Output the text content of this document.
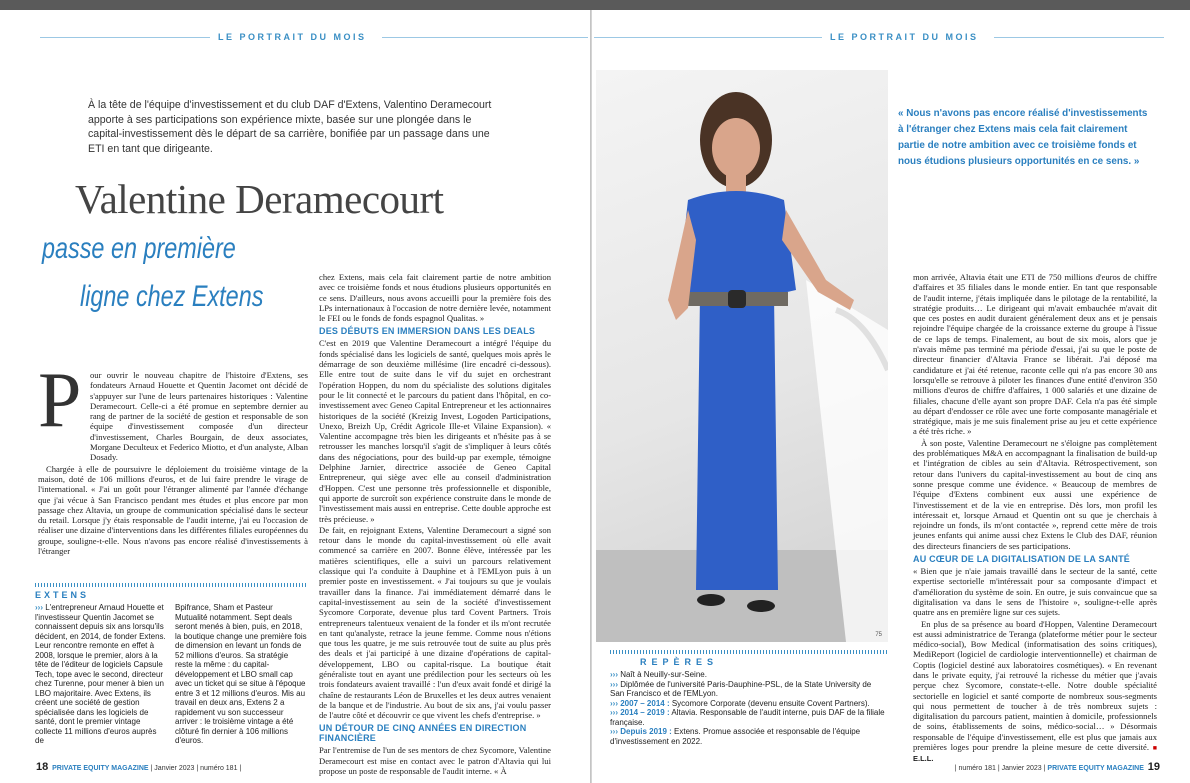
LE PORTRAIT DU MOIS
À la tête de l'équipe d'investissement et du club DAF d'Extens, Valentino Deramecourt apporte à ses participations son expérience mixte, basée sur une plongée dans le capital-investissement dès le départ de sa carrière, bonifiée par un passage dans une ETI en tant que dirigeante.
Valentine Deramecourt
passe en première
ligne chez Extens
P	our ouvrir le nouveau chapitre de l'histoire d'Extens, ses fondateurs Arnaud Houette et Quentin Jacomet ont décidé de s'appuyer sur l'une de leurs partenaires historiques : Valentine Deramecourt. Celle-ci a été promue en septembre dernier au rang de partner de la société de gestion et responsable de son équipe d'investissement composée d'un directeur d'investissement, Charles Bourgain, de deux associates, Morgane Deculteux et Federico Miotto, et d'un analyste, Alban Dosady.

Chargée à elle de poursuivre le déploiement du troisième vintage de la maison, doté de 106 millions d'euros, et de lui faire prendre le virage de l'international. « J'ai un goût pour l'étranger alimenté par l'année d'échange que j'ai vécue à San Francisco pendant mes études et plus encore par mon passage chez Altavia, un groupe de communication spécialisé dans le secteur du retail. Lorsque j'y étais responsable de l'audit interne, j'ai eu l'occasion de réaliser une dizaine d'interventions dans les différentes filiales européennes du groupe, souligne-t-elle. Nous n'avons pas encore réalisé d'investissements à l'étranger

chez Extens, mais cela fait clairement partie de notre ambition avec ce troisième fonds et nous étudions plusieurs opportunités en ce sens. D'ailleurs, nous avons accueilli pour la première fois des LPs internationaux à l'occasion de notre dernière levée, notamment le FEI ou le fonds de fonds espagnol Qualitas. »

DES DÉBUTS EN IMMERSION DANS LES DEALS

C'est en 2019 que Valentine Deramecourt a intégré l'équipe du fonds spécialisé dans les logiciels de santé, quelques mois après le démarrage de son deuxième millésime (lire encadré ci-dessous). Elle entre tout de suite dans le vif du sujet en orchestrant l'opération Hoppen, du nom du spécialiste des solutions digitales pour le lit connecté et le parcours du patient dans l'hôpital, en co-investissement avec Geneo Capital Entrepreneur et les actionnaires historiques de la société (Kreizig Invest, Logoden Participations, Unexo, Breizh Up, Crédit Agricole Ille-et Vilaine Expansion). « Valentine accompagne très bien les dirigeants et n'hésite pas à se retrousser les manches lorsqu'il s'agit de s'impliquer à leurs côtés dans des négociations, pour des build-up par exemple, témoigne Delphine Jarnier, directrice associée de Geneo Capital Entrepreneur, qui siège avec elle au conseil d'administration d'Hoppen. C'est une personne très professionnelle et disponible, qui apporte de surcroît son expérience construite dans le monde de l'investissement mais aussi en entreprise. Cette double approche est très précieuse. »

De fait, en rejoignant Extens, Valentine Deramecourt a signé son retour dans le monde du capital-investissement où elle avait commencé sa carrière en 2007. Bonne élève, intéressée par les matières scientifiques, elle a suivi un parcours relativement classique qui l'a conduite à Dauphine et à l'EMLyon puis à un premier poste en investissement. « J'ai toujours su que je voulais travailler dans la finance. J'ai immédiatement démarré dans le capital-investissement au sein de la société d'investissement Sycomore Corporate, devenue plus tard Covent Partners. Trois entrepreneurs talentueux venaient de la fonder et ils m'ont recrutée en tant qu'analyste, retrace la jeune femme. Comme nous n'étions que tous les quatre, je me suis retrouvée tout de suite au plus près des deals et j'ai participé à une dizaine d'opérations de capital-développement, LBO ou capital-risque. La boutique était généraliste tout en ayant une prédilection pour les secteurs où les trois fondateurs avaient travaillé : l'un d'eux avait fondé et dirigé la chaîne de restaurants Léon de Bruxelles et les deux autres venaient de la banque et de l'industrie. Au bout de six ans, j'ai voulu passer de l'autre côté et découvrir ce que vivent les chefs d'entreprise. »

UN DÉTOUR DE CINQ ANNÉES EN DIRECTION FINANCIÈRE

Par l'entremise de l'un de ses mentors de chez Sycomore, Valentine Deramecourt est mise en contact avec le patron d'Altavia qui lui propose un poste de responsable de l'audit interne. « À

EXTENS
››› L'entrepreneur Arnaud Houette et l'investisseur Quentin Jacomet se connaissent depuis six ans lorsqu'ils décident, en 2014, de fonder Extens. Leur rencontre remonte en effet à 2008, lorsque le premier, alors à la tête de l'éditeur de logiciels Capsule Tech, tope avec le second, directeur chez Turenne, pour mener à bien un LBO majoritaire. Avec Extens, ils créent une société de gestion spécialisée dans les logiciels de santé, dont le premier vintage collecte 11 millions d'euros auprès de
Bpifrance, Sham et Pasteur Mutualité notamment. Sept deals seront menés à bien, puis, en 2018, la boutique change une première fois de dimension en levant un fonds de 52 millions d'euros. Sa stratégie reste la même : du capital-développement et LBO small cap avec un ticket qui se situe à l'époque entre 3 et 12 millions d'euros. Mis au travail en deux ans, Extens 2 a rapidement vu son successeur arriver : le troisième vintage a été clôturé fin dernier à 106 millions d'euros.
18 PRIVATE EQUITY MAGAZINE | Janvier 2023 | numéro 181 |
LE PORTRAIT DU MOIS
75
« Nous n'avons pas encore réalisé d'investissements à l'étranger chez Extens mais cela fait clairement partie de notre ambition avec ce troisième fonds et nous étudions plusieurs opportunités en ce sens. »

mon arrivée, Altavia était une ETI de 750 millions d'euros de chiffre d'affaires et 35 filiales dans le monde entier. En tant que responsable de l'audit interne, j'étais impliquée dans le pilotage de la rentabilité, la stratégie produits… Le dirigeant qui m'avait embauchée m'avait dit que ces postes en audit duraient généralement deux ans et je pensais rejoindre l'équipe chargée de la croissance externe du groupe à l'issue de ce laps de temps. Finalement, au bout de six mois, alors que je n'avais même pas terminé ma période d'essai, j'ai su que le poste de directeur financier d'Altavia France se libérait. J'ai déposé ma candidature et j'ai été retenue, raconte celle qui n'a pas encore 30 ans lorsqu'elle se retrouve à piloter les finances d'une entité d'environ 350 millions d'euros de chiffre d'affaires, 1 000 salariés et une dizaine de filiales, chacune d'elle ayant son propre DAF. Cela n'a pas été simple au départ d'endosser ce rôle avec une forte composante managériale et stratégique, mais je me suis finalement prise au jeu et cette expérience a été très riche. »

À son poste, Valentine Deramecourt ne s'éloigne pas complètement des problématiques M&A en accompagnant la finalisation de build-up et l'intégration de cibles au sein d'Altavia. Rétrospectivement, son retour dans l'univers du capital-investissement au bout de cinq ans sonne presque comme une évidence. « Beaucoup de membres de l'équipe d'Extens combinent eux aussi une expérience de l'investissement et de la vie en entreprise. Dès lors, mon profil les intéressait et, lorsque Arnaud et Quentin ont su que je cherchais à rejoindre un fonds, ils m'ont contactée », reprend cette mère de trois jeunes enfants qui anime aussi chez Extens le Club des DAF, réunion des directeurs financiers de ses participations.

AU CŒUR DE LA DIGITALISATION DE LA SANTÉ

« Bien que je n'aie jamais travaillé dans le secteur de la santé, cette expertise sectorielle m'intéressait pour sa composante d'impact et d'amélioration du système de soin. En outre, je suis convaincue que sa digitalisation va dans le sens de l'histoire », souligne-t-elle après quatre ans en première ligne sur ces sujets.

En plus de sa présence au board d'Hoppen, Valentine Deramecourt est aussi administratrice de Teranga (plateforme métier pour le secteur médico-social), Bow Medical (informatisation des soins critiques), MediReport (logiciel de cardiologie interventionnelle) et chairman de Coptis (logiciel destiné aux laboratoires cosmétiques). « En revenant dans le private equity, j'ai retrouvé la richesse du métier que j'avais perçue chez Sycomore, constate-t-elle. Notre double spécialité sectorielle en logiciel et santé comporte de nombreux sous-segments qui nous permettent de toucher à de très nombreux sujets : digitalisation du parcours patient, maintien à domicile, professionnels de soins, établissements de soins, médico-social… » Désormais responsable de l'équipe d'investissement, elle est plus que jamais aux premières loges pour prendre la pleine mesure de cette diversité. ■ E.L.L.

REPÈRES
››› Naît à Neuilly-sur-Seine.
››› Diplômée de l'université Paris-Dauphine-PSL, de la State University de San Francisco et de l'EMLyon.
››› 2007 – 2014 : Sycomore Corporate (devenu ensuite Covent Partners).
››› 2014 – 2019 : Altavia. Responsable de l'audit interne, puis DAF de la filiale française.
››› Depuis 2019 : Extens. Promue associée et responsable de l'équipe d'investissement en 2022.
| numéro 181 | Janvier 2023 | PRIVATE EQUITY MAGAZINE 19
